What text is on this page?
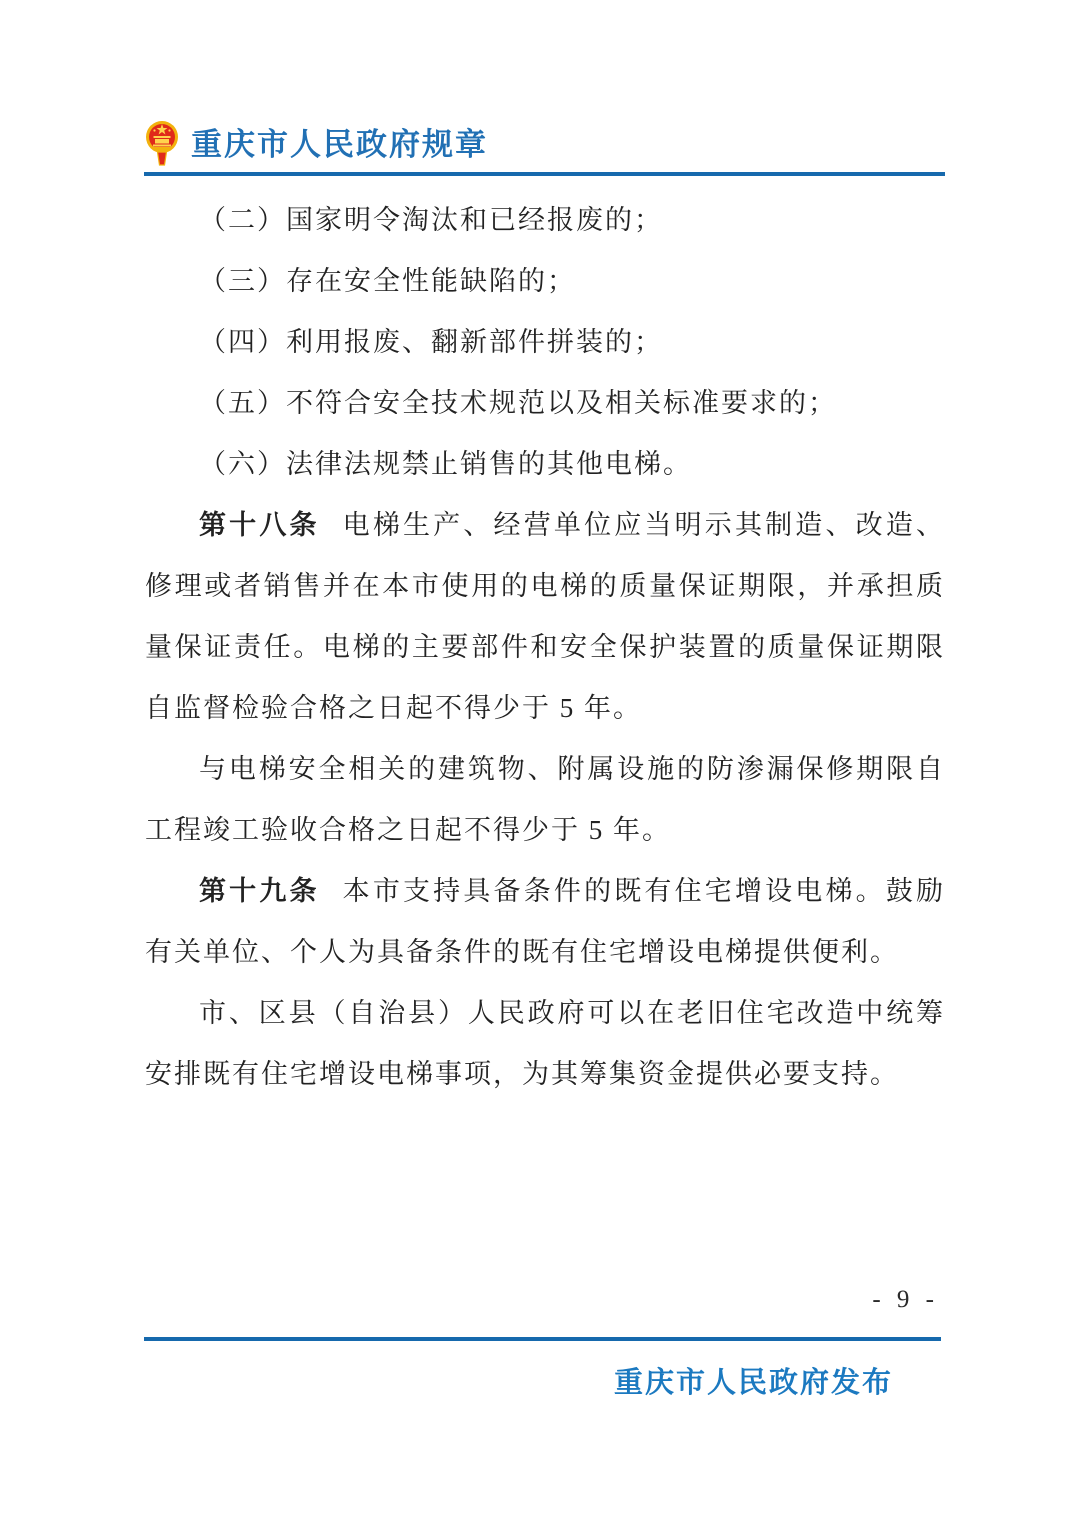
重庆市人民政府规章

（二）国家明令淘汰和已经报废的；

（三）存在安全性能缺陷的；

（四）利用报废、翻新部件拼装的；

（五）不符合安全技术规范以及相关标准要求的；

（六）法律法规禁止销售的其他电梯。

第十八条 电梯生产、经营单位应当明示其制造、改造、修理或者销售并在本市使用的电梯的质量保证期限，并承担质量保证责任。电梯的主要部件和安全保护装置的质量保证期限自监督检验合格之日起不得少于 5 年。

与电梯安全相关的建筑物、附属设施的防渗漏保修期限自工程竣工验收合格之日起不得少于 5 年。

第十九条 本市支持具备条件的既有住宅增设电梯。鼓励有关单位、个人为具备条件的既有住宅增设电梯提供便利。

市、区县（自治县）人民政府可以在老旧住宅改造中统筹安排既有住宅增设电梯事项，为其筹集资金提供必要支持。

- 9 -
重庆市人民政府发布
